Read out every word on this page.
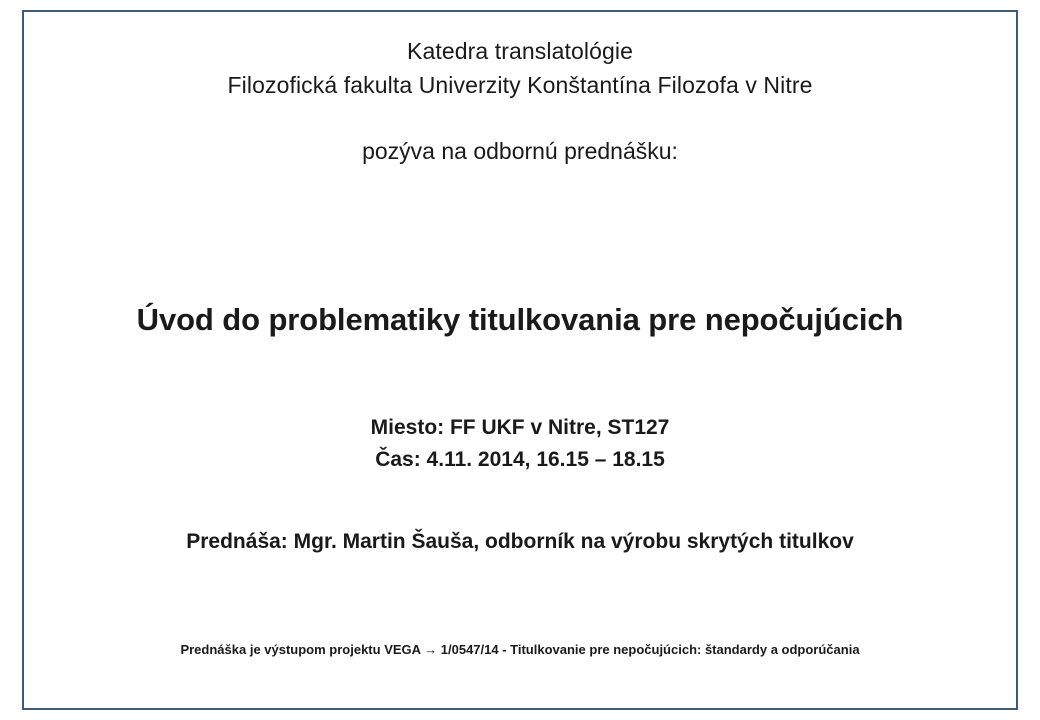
Katedra translatológie
Filozofická fakulta Univerzity Konštantína Filozofa v Nitre
pozýva na odbornú prednášku:
Úvod do problematiky titulkovania pre nepočujúcich
Miesto: FF UKF v Nitre, ST127
Čas: 4.11. 2014, 16.15 – 18.15
Prednáša: Mgr. Martin Šauša, odborník na výrobu skrytých titulkov
Prednáška je výstupom projektu VEGA → 1/0547/14 - Titulkovanie pre nepočujúcich: štandardy a odporúčania
